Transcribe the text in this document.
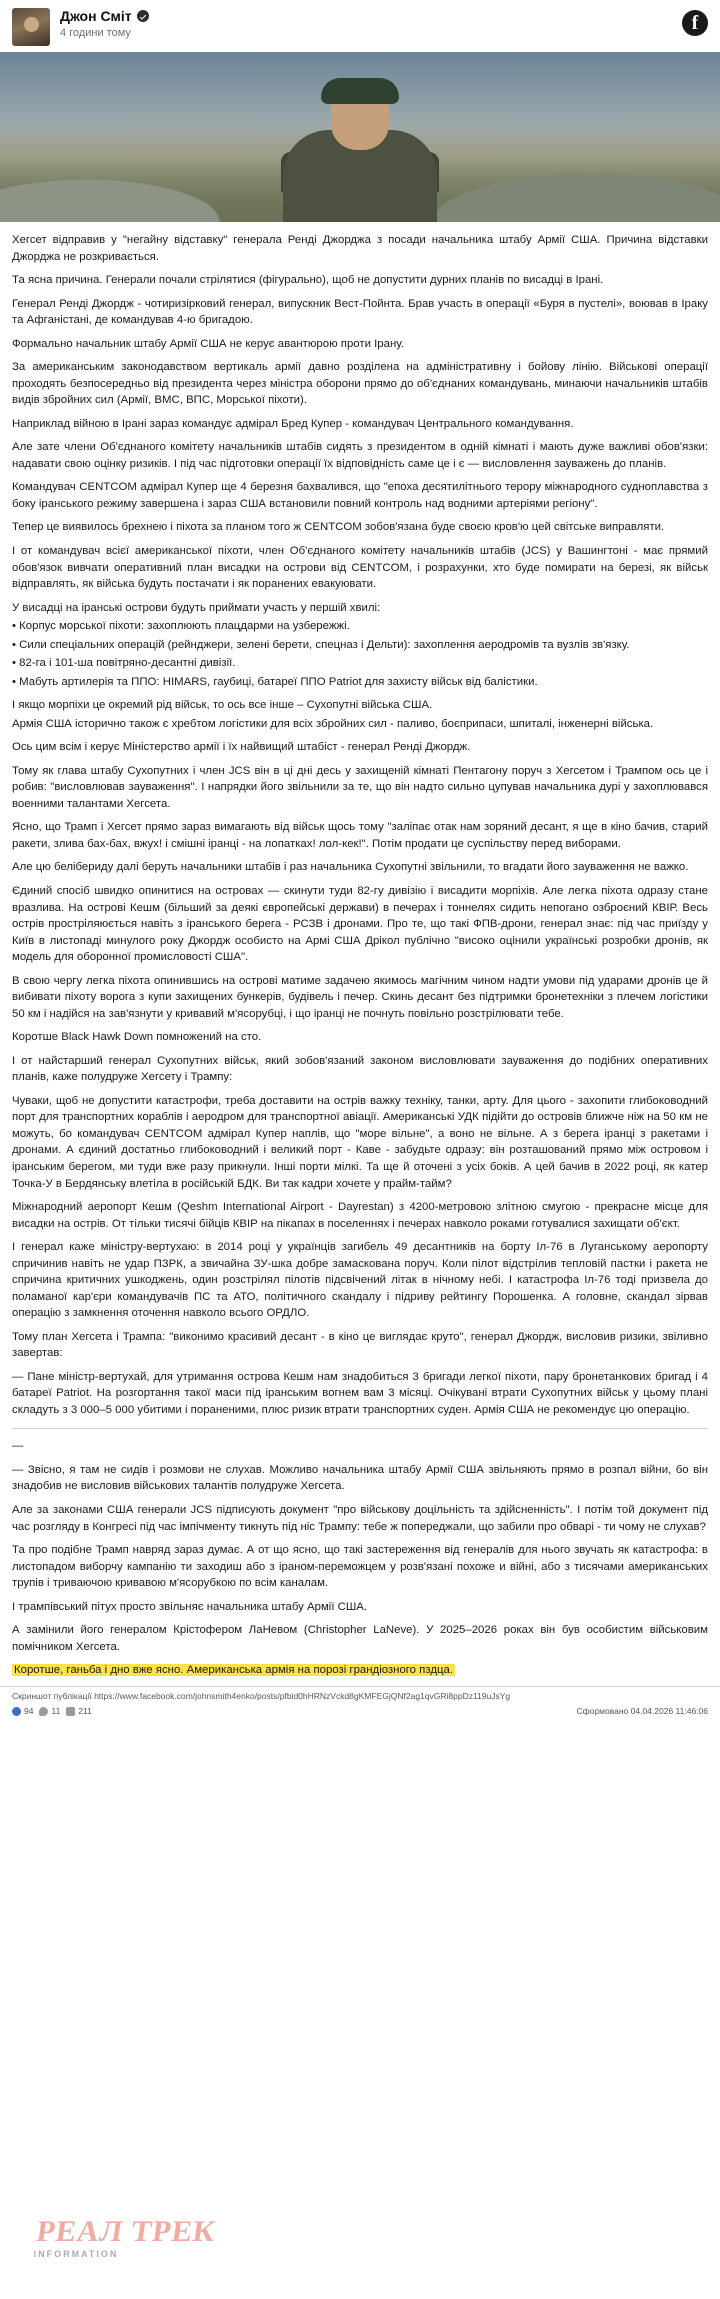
Джон Сміт
4 години тому	f

Хегсет відправив у "негайну відставку" генерала Ренді Джорджа з посади начальника штабу Армії США. Причина відставки Джорджа не розкривається.

Та ясна причина. Генерали почали стрілятися (фігурально), щоб не допустити дурних планів по висадці в Ірані.

Генерал Ренді Джордж - чотиризірковий генерал, випускник Вест-Пойнта. Брав участь в операції «Буря в пустелі», воював в Іраку та Афганістані, де командував 4-ю бригадою.

Формально начальник штабу Армії США не керує авантюрою проти Ірану.

За американським законодавством вертикаль армії давно розділена на адміністративну і бойову лінію. Військові операції проходять безпосередньо від президента через міністра оборони прямо до об'єднаних командувань, минаючи начальників штабів видів збройних сил (Армії, ВМС, ВПС, Морської піхоти).

Наприклад війною в Ірані зараз командує адмірал Бред Купер - командувач Центрального командування.

Але зате члени Об'єднаного комітету начальників штабів сидять з президентом в одній кімнаті і мають дуже важливі обов'язки: надавати свою оцінку ризиків. І під час підготовки операції їх відповідність саме це і є — висловлення зауважень до планів.

Командувач CENTCOM адмірал Купер ще 4 березня бахвалився, що "епоха десятилітнього терору міжнародного судноплавства з боку іранського режиму завершена і зараз США встановили повний контроль над водними артеріями регіону".

Тепер це виявилось брехнею і піхота за планом того ж CENTCOM зобов'язана буде своєю кров'ю цей світське виправляти.

І от командувач всієї американської піхоти, член Об'єднаного комітету начальників штабів (JCS) у Вашингтоні - має прямий обов'язок вивчати оперативний план висадки на острови від CENTCOM, і розрахунки, хто буде помирати на березі, як військ відправлять, як війська будуть постачати і як поранених евакуювати.

У висадці на іранські острови будуть приймати участь у першій хвилі:

• Корпус морської піхоти: захоплюють плацдарми на узбережжі.

• Сили спеціальних операцій (рейнджери, зелені берети, спецназ і Дельти): захоплення аеродромів та вузлів зв'язку.

• 82-га і 101-ша повітряно-десантні дивізії.

• Мабуть артилерія та ППО: HIMARS, гаубиці, батареї ППО Patriot для захисту військ від балістики.

І якщо морпіхи це окремий рід військ, то ось все інше – Сухопутні війська США.

Армія США історично також є хребтом логістики для всіх збройних сил - паливо, боєприпаси, шпиталі, інженерні війська.

Ось цим всім і керує Міністерство армії і їх найвищий штабіст - генерал Ренді Джордж.

Тому як глава штабу Сухопутних і член JCS він в ці дні десь у захищеній кімнаті Пентагону поруч з Хегсетом і Трампом ось це і робив: "висловлював зауваження". І напрядки його звільнили за те, що він надто сильно цупував начальника дурі у захоплювався военними талантами Хегсета.

Ясно, що Трамп і Хегсет прямо зараз вимагають від військ щось тому "заліпає отак нам зоряний десант, я ще в кіно бачив, старий ракети, злива бах-бах, вжух! і смішні іранці - на лопатках! лол-кек!". Потім продати це суспільству перед виборами.

Але цю белібериду далі беруть начальники штабів і раз начальника Сухопутні звільнили, то вгадати його зауваження не важко.

Єдиний спосіб швидко опинитися на островах — скинути туди 82-гу дивізію і висадити морпіхів. Але легка піхота одразу стане вразлива. На острові Кешм (більший за деякі європейські держави) в печерах і тоннелях сидить непогано озброєний КВІР. Весь острів простріляюється навіть з іранського берега - РСЗВ і дронами. Про те, що такі ФПВ-дрони, генерал знає: під час приїзду у Київ в листопаді минулого року Джордж особисто на Армі США Дрікол публічно "високо оцінили українські розробки дронів, як модель для оборонної промисловості США".

В свою чергу легка піхота опинившись на острові матиме задачею якимось магічним чином надти умови під ударами дронів це й вибивати піхоту ворога з купи захищених бункерів, будівель і печер. Скинь десант без підтримки бронетехніки з плечем логістики 50 км і надійся на зав'язнути у кривавий м'ясорубці, і що іранці не почнуть повільно розстрілювати тебе.

Коротше Black Hawk Down помножений на сто.

І от найстарший генерал Сухопутних військ, який зобов'язаний законом висловлювати зауваження до подібних оперативних планів, каже полудруже Хегсету і Трампу:

Чуваки, щоб не допустити катастрофи, треба доставити на острів важку техніку, танки, арту. Для цього - захопити глибоководний порт для транспортних кораблів і аеродром для транспортної авіації. Американські УДК підійти до островів ближче ніж на 50 км не можуть, бо командувач CENTCOM адмірал Купер наплів, що "море вільне", а воно не вільне. А з берега іранці з ракетами і дронами. А єдиний достатньо глибоководний і великий порт - Каве - забудьте одразу: він розташований прямо між островом і іранським берегом, ми туди вже разу прикнули. Інші порти мілкі. Та ще й оточені з усіх боків. А цей бачив в 2022 році, як катер Точка-У в Бердянську влетіла в російській БДК. Ви так кадри хочете у прайм-тайм?

Міжнародний аеропорт Кешм (Qeshm International Airport - Dayrestan) з 4200-метровою злітною смугою - прекрасне місце для висадки на острів. От тільки тисячі бійців КВІР на пікапах в поселеннях і печерах навколо роками готувалися захищати об'єкт.

І генерал каже міністру-вертухаю: в 2014 році у українців загибель 49 десантників на борту Іл-76 в Луганському аеропорту спричинив навіть не удар ПЗРК, а звичайна ЗУ-шка добре замаскована поруч. Коли пілот відстрілив тепловій пастки і ракета не спричина критичних ушкоджень, один розстрілял пілотів підсвічений літак в нічному небі. І катастрофа Іл-76 тоді призвела до поламаної кар'єри командувачів ПС та АТО, політичного скандалу і підриву рейтингу Порошенка. А головне, скандал зірвав операцію з замкнення оточення навколо всього ОРДЛО.

Тому план Хегсета і Трампа: "виконимо красивий десант - в кіно це виглядає круто", генерал Джордж, висловив ризики, звіливно завертав:

— Пане міністр-вертухай, для утримання острова Кешм нам знадобиться 3 бригади легкої піхоти, пару бронетанкових бригад і 4 батареї Patriot. На розгортання такої маси під іранським вогнем вам 3 місяці. Очікувані втрати Сухопутних військ у цьому плані складуть з 3 000–5 000 убитими і пораненими, плюс ризик втрати транспортних суден. Армія США не рекомендує цю операцію.

—

— Звісно, я там не сидів і розмови не слухав. Можливо начальника штабу Армії США звільняють прямо в розпал війни, бо він знадобив не висловив військових талантів полудруже Хегсета.

Але за законами США генерали JCS підписують документ "про військову доцільність та здійсненність". І потім той документ під час розгляду в Конгресі під час імпічменту тикнуть під ніс Трампу: тебе ж попереджали, що забили про обварі - ти чому не слухав?

Та про подібне Трамп навряд зараз думає. А от що ясно, що такі застереження від генералів для нього звучать як катастрофа: в листопадом виборчу кампанію ти заходиш або з іраном-переможцем у розв'язані похоже и війні, або з тисячами американських трупів і триваючою кривавою м'ясорубкою по всім каналам.

І трампівський пітух просто звільняє начальника штабу Армії США.

А замінили його генералом Крістофером ЛаНевом (Christopher LaNeve). У 2025–2026 роках він був особистим військовим помічником Хегсета.

Коротше, ганьба і дно вже ясно. Американська армія на порозі грандіозного пздца.

РЕАЛ ТРЕК
INFORMATION
Скриншот публікації https://www.facebook.com/johnsmith4enko/posts/pfbid0hHRNzVckd8gKMFEGjQNf2ag1qvGRi8ppDz119uJsYg
94 11 211	Сформовано 04.04.2026 11:46:06
